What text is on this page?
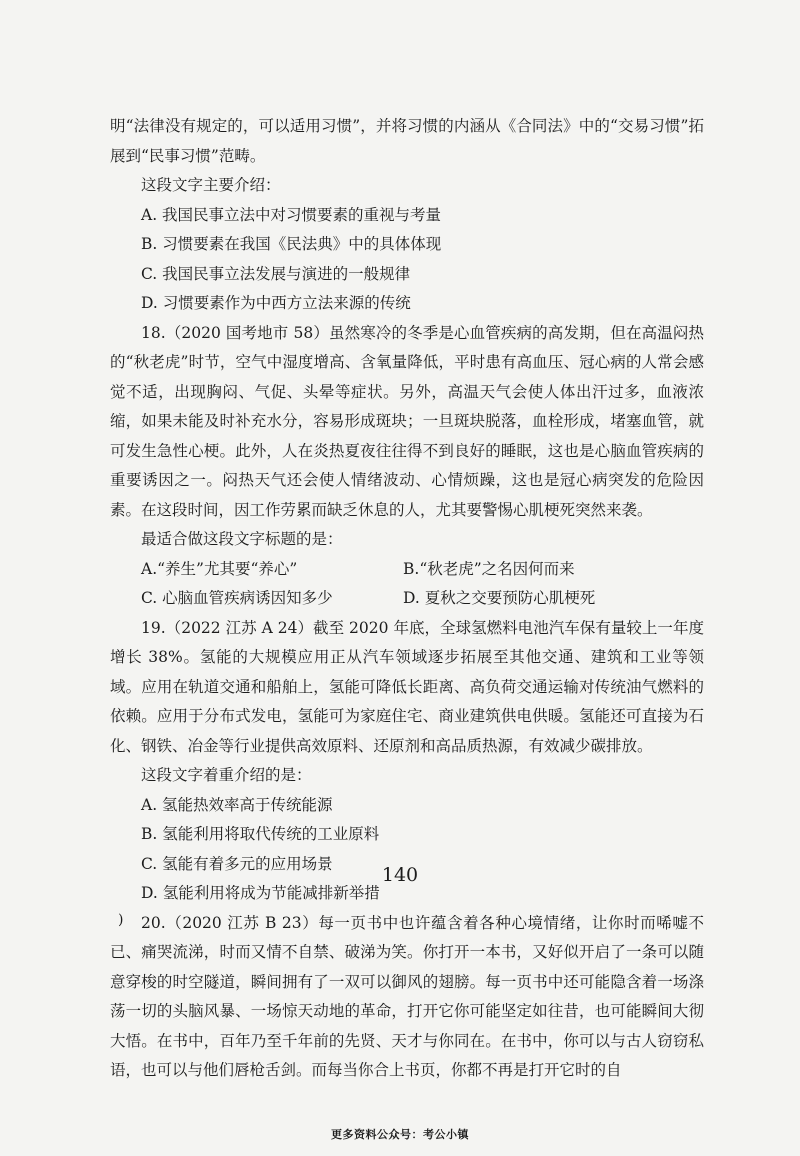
明“法律没有规定的，可以适用习惯”，并将习惯的内涵从《合同法》中的“交易习惯”拓展到“民事习惯”范畴。

这段文字主要介绍：

A. 我国民事立法中对习惯要素的重视与考量

B. 习惯要素在我国《民法典》中的具体体现

C. 我国民事立法发展与演进的一般规律

D. 习惯要素作为中西方立法来源的传统

18.（2020 国考地市 58）虽然寒冷的冬季是心血管疾病的高发期，但在高温闷热的“秋老虎”时节，空气中湿度增高、含氧量降低，平时患有高血压、冠心病的人常会感觉不适，出现胸闷、气促、头晕等症状。另外，高温天气会使人体出汗过多，血液浓缩，如果未能及时补充水分，容易形成斑块；一旦斑块脱落，血栓形成，堵塞血管，就可发生急性心梗。此外，人在炎热夏夜往往得不到良好的睡眠，这也是心脑血管疾病的重要诱因之一。闷热天气还会使人情绪波动、心情烦躁，这也是冠心病突发的危险因素。在这段时间，因工作劳累而缺乏休息的人，尤其要警惕心肌梗死突然来袭。

最适合做这段文字标题的是：

A.“养生”尤其要“养心”	B.“秋老虎”之名因何而来
C. 心脑血管疾病诱因知多少	D. 夏秋之交要预防心肌梗死

19.（2022 江苏 A 24）截至 2020 年底，全球氢燃料电池汽车保有量较上一年度增长 38%。氢能的大规模应用正从汽车领域逐步拓展至其他交通、建筑和工业等领域。应用在轨道交通和船舶上，氢能可降低长距离、高负荷交通运输对传统油气燃料的依赖。应用于分布式发电，氢能可为家庭住宅、商业建筑供电供暖。氢能还可直接为石化、钢铁、冶金等行业提供高效原料、还原剂和高品质热源，有效减少碳排放。

这段文字着重介绍的是：

A. 氢能热效率高于传统能源

B. 氢能利用将取代传统的工业原料

C. 氢能有着多元的应用场景

D. 氢能利用将成为节能减排新举措

20.（2020 江苏 B 23）每一页书中也许蕴含着各种心境情绪，让你时而唏嘘不已、痛哭流涕，时而又情不自禁、破涕为笑。你打开一本书，又好似开启了一条可以随意穿梭的时空隧道，瞬间拥有了一双可以御风的翅膀。每一页书中还可能隐含着一场涤荡一切的头脑风暴、一场惊天动地的革命，打开它你可能坚定如往昔，也可能瞬间大彻大悟。在书中，百年乃至千年前的先贤、天才与你同在。在书中，你可以与古人窃窃私语，也可以与他们唇枪舌剑。而每当你合上书页，你都不再是打开它时的自

140
)
更多资料公众号：考公小镇
